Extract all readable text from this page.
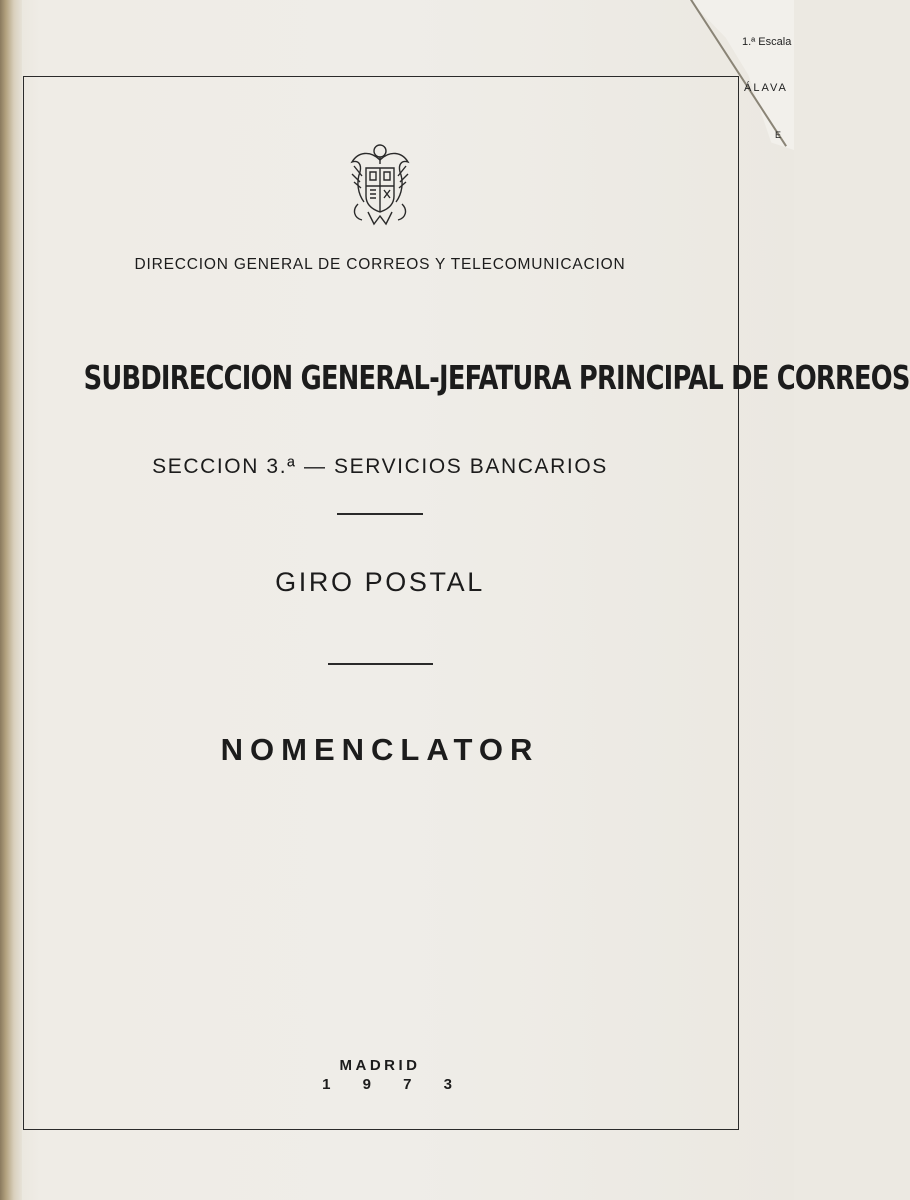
1.ª Escala
ÁLAVA
E
DIRECCION GENERAL DE CORREOS Y TELECOMUNICACION
SUBDIRECCION GENERAL-JEFATURA PRINCIPAL DE CORREOS
SECCION 3.ª — SERVICIOS BANCARIOS
GIRO POSTAL
NOMENCLATOR
MADRID
1 9 7 3
